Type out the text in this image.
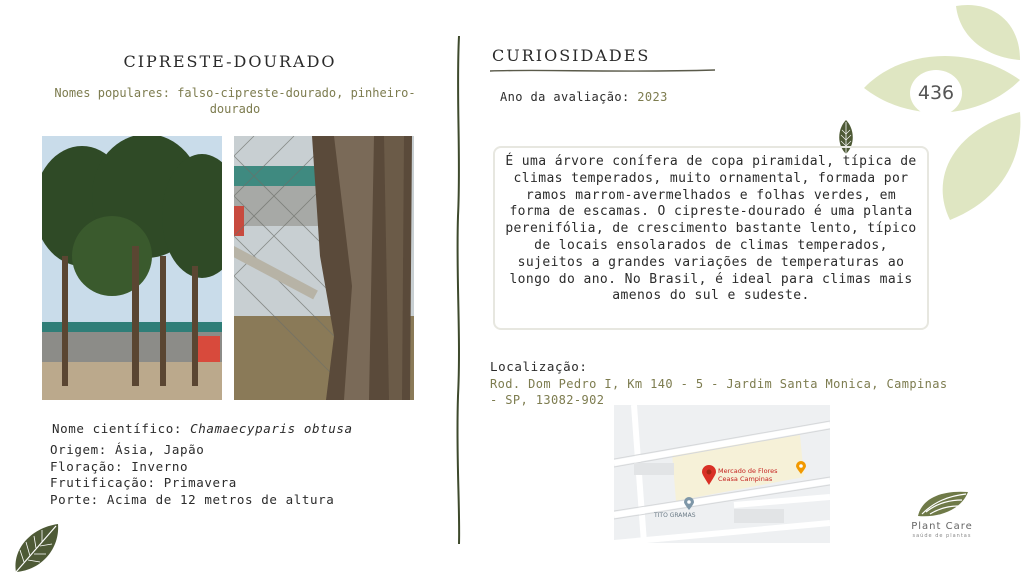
CIPRESTE-DOURADO
Nomes populares: falso-cipreste-dourado, pinheiro-dourado
Nome científico: Chamaecyparis obtusa
Origem: Ásia, Japão
Floração: Inverno
Frutificação: Primavera
Porte: Acima de 12 metros de altura
CURIOSIDADES
Ano da avaliação: 2023
É uma árvore conífera de copa piramidal, típica de climas temperados, muito ornamental, formada por ramos marrom-avermelhados e folhas verdes, em forma de escamas. O cipreste-dourado é uma planta perenifólia, de crescimento bastante lento, típico de locais ensolarados de climas temperados, sujeitos a grandes variações de temperaturas ao longo do ano. No Brasil, é ideal para climas mais amenos do sul e sudeste.
Localização:
Rod. Dom Pedro I, Km 140 - 5 - Jardim Santa Monica, Campinas - SP, 13082-902
Mercado de Flores
Ceasa Campinas
TITO GRAMAS
436
Plant Care
saúde de plantas
